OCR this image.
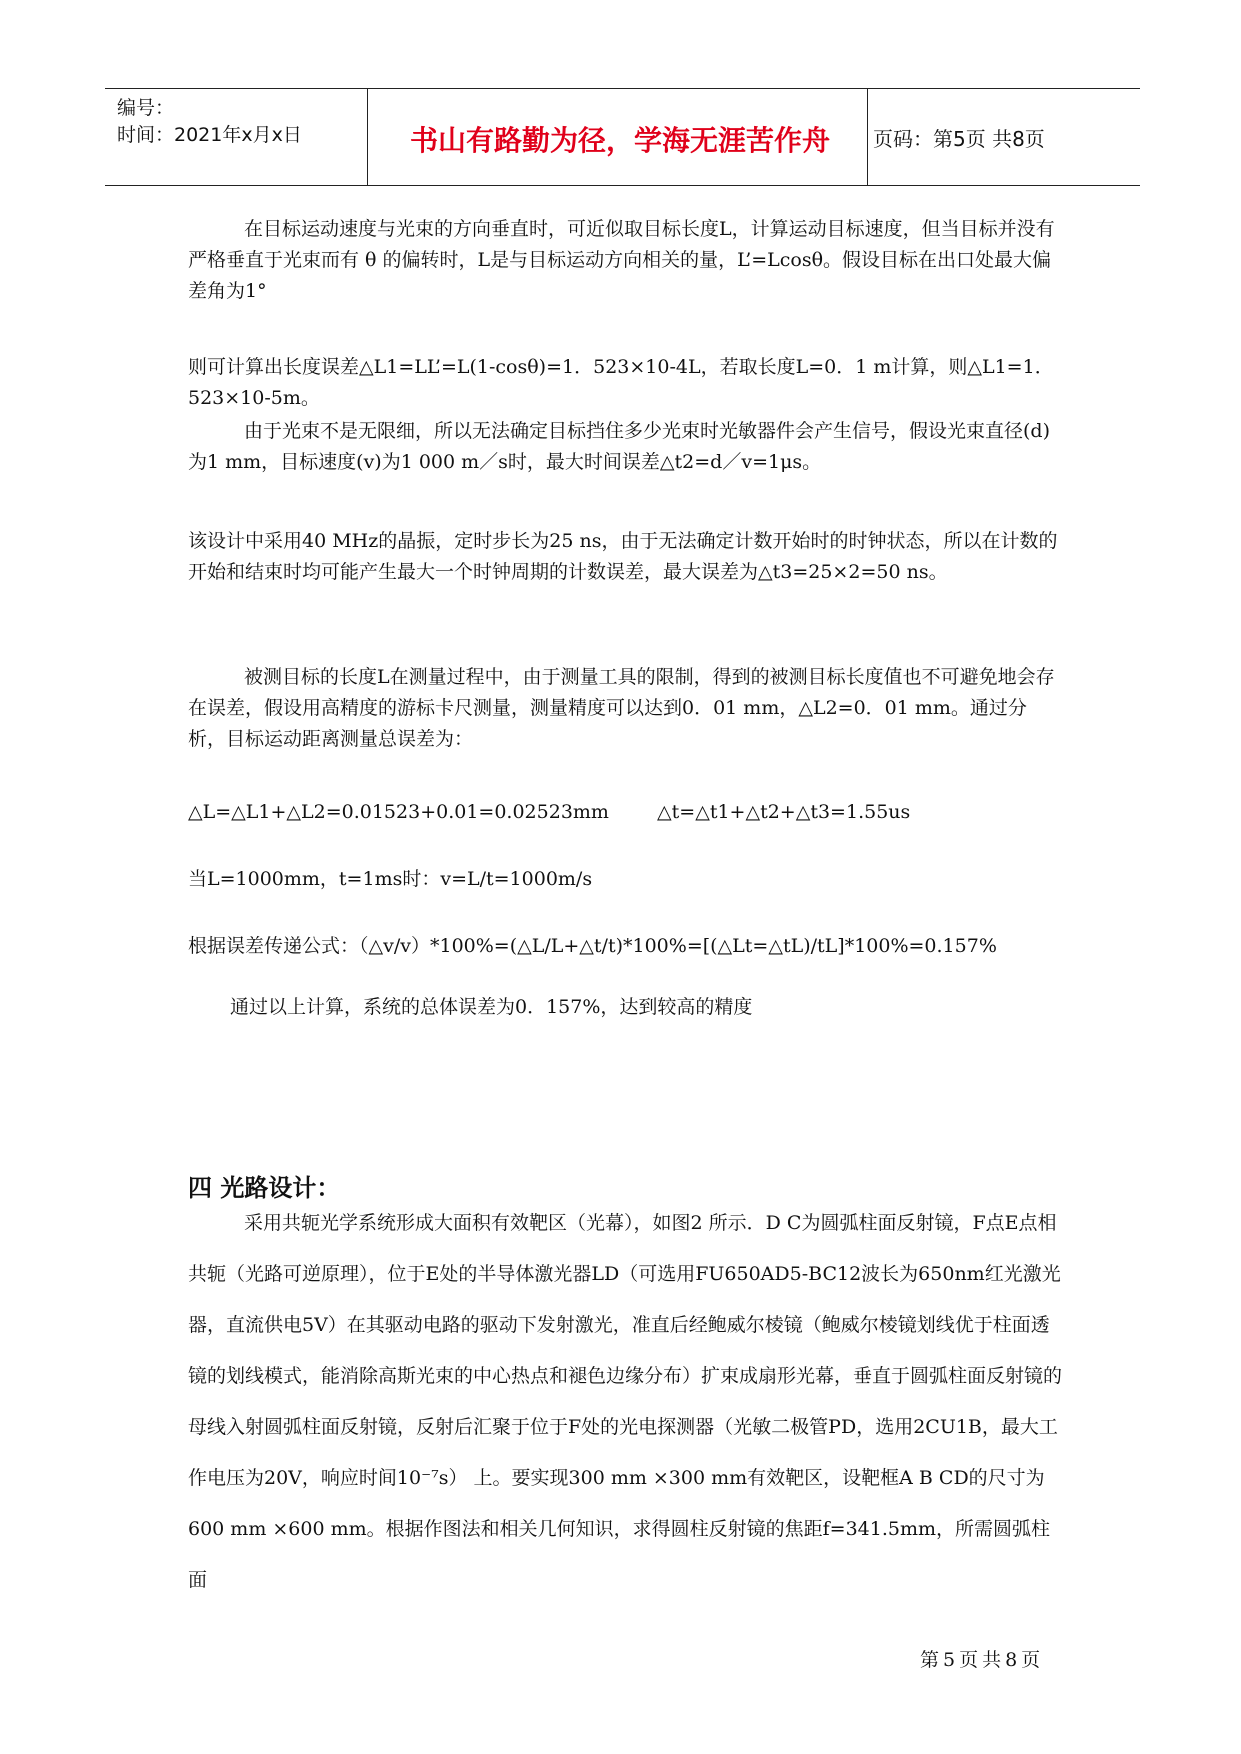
编号：
时间：2021年x月x日	书山有路勤为径，学海无涯苦作舟	页码：第5页 共8页
在目标运动速度与光束的方向垂直时，可近似取目标长度L，计算运动目标速度，但当目标并没有严格垂直于光束而有 θ 的偏转时，L是与目标运动方向相关的量，L’=Lcosθ。假设目标在出口处最大偏差角为1°
则可计算出长度误差△L1=LL’=L(1-cosθ)=1．523×10-4L，若取长度L=0．1 m计算，则△L1=1．523×10-5m。
由于光束不是无限细，所以无法确定目标挡住多少光束时光敏器件会产生信号，假设光束直径(d)为1 mm，目标速度(v)为1 000 m／s时，最大时间误差△t2=d／v=1μs。
该设计中采用40 MHz的晶振，定时步长为25 ns，由于无法确定计数开始时的时钟状态，所以在计数的开始和结束时均可能产生最大一个时钟周期的计数误差，最大误差为△t3=25×2=50 ns。
被测目标的长度L在测量过程中，由于测量工具的限制，得到的被测目标长度值也不可避免地会存在误差，假设用高精度的游标卡尺测量，测量精度可以达到0．01 mm，△L2=0．01 mm。通过分析，目标运动距离测量总误差为：
△L=△L1+△L2=0.01523+0.01=0.02523mm	△t=△t1+△t2+△t3=1.55us
当L=1000mm，t=1ms时：v=L/t=1000m/s
根据误差传递公式：（△v/v）*100%=(△L/L+△t/t)*100%=[(△Lt=△tL)/tL]*100%=0.157%
通过以上计算，系统的总体误差为0．157%，达到较高的精度
四 光路设计：
采用共轭光学系统形成大面积有效靶区（光幕），如图2 所示．D C为圆弧柱面反射镜，F点E点相共轭（光路可逆原理），位于E处的半导体激光器LD（可选用FU650AD5-BC12波长为650nm红光激光器，直流供电5V）在其驱动电路的驱动下发射激光，准直后经鲍威尔棱镜（鲍威尔棱镜划线优于柱面透镜的划线模式，能消除高斯光束的中心热点和褪色边缘分布）扩束成扇形光幕，垂直于圆弧柱面反射镜的母线入射圆弧柱面反射镜，反射后汇聚于位于F处的光电探测器（光敏二极管PD，选用2CU1B，最大工作电压为20V，响应时间10⁻⁷s） 上。要实现300 mm ×300 mm有效靶区，设靶框A B CD的尺寸为600 mm ×600 mm。根据作图法和相关几何知识，求得圆柱反射镜的焦距f=341.5mm，所需圆弧柱面
第5页共8页
